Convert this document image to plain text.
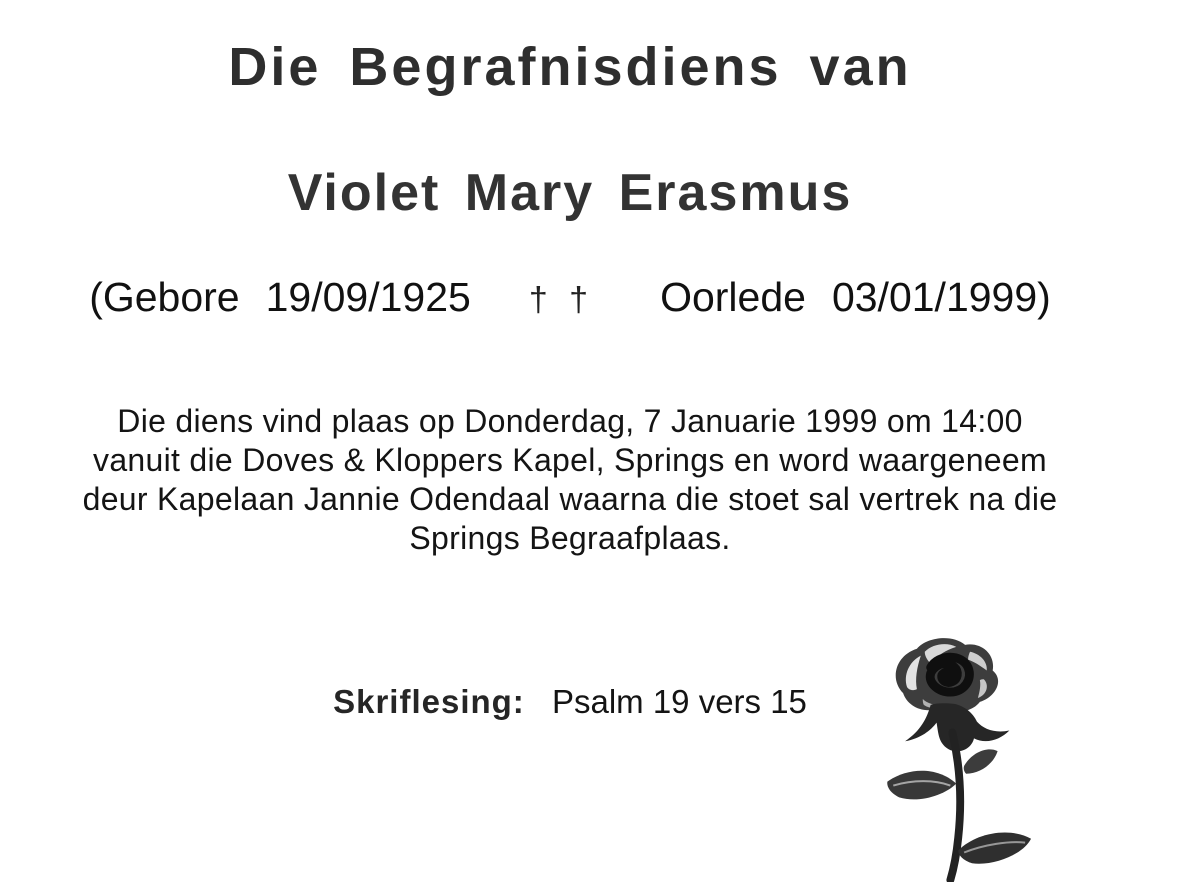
Die Begrafnisdiens van
Violet Mary Erasmus
(Gebore 19/09/1925 † † Oorlede 03/01/1999)
Die diens vind plaas op Donderdag, 7 Januarie 1999 om 14:00
vanuit die Doves & Kloppers Kapel, Springs en word waargeneem
deur Kapelaan Jannie Odendaal waarna die stoet sal vertrek na die
Springs Begraafplaas.
Skriflesing: Psalm 19 vers 15
